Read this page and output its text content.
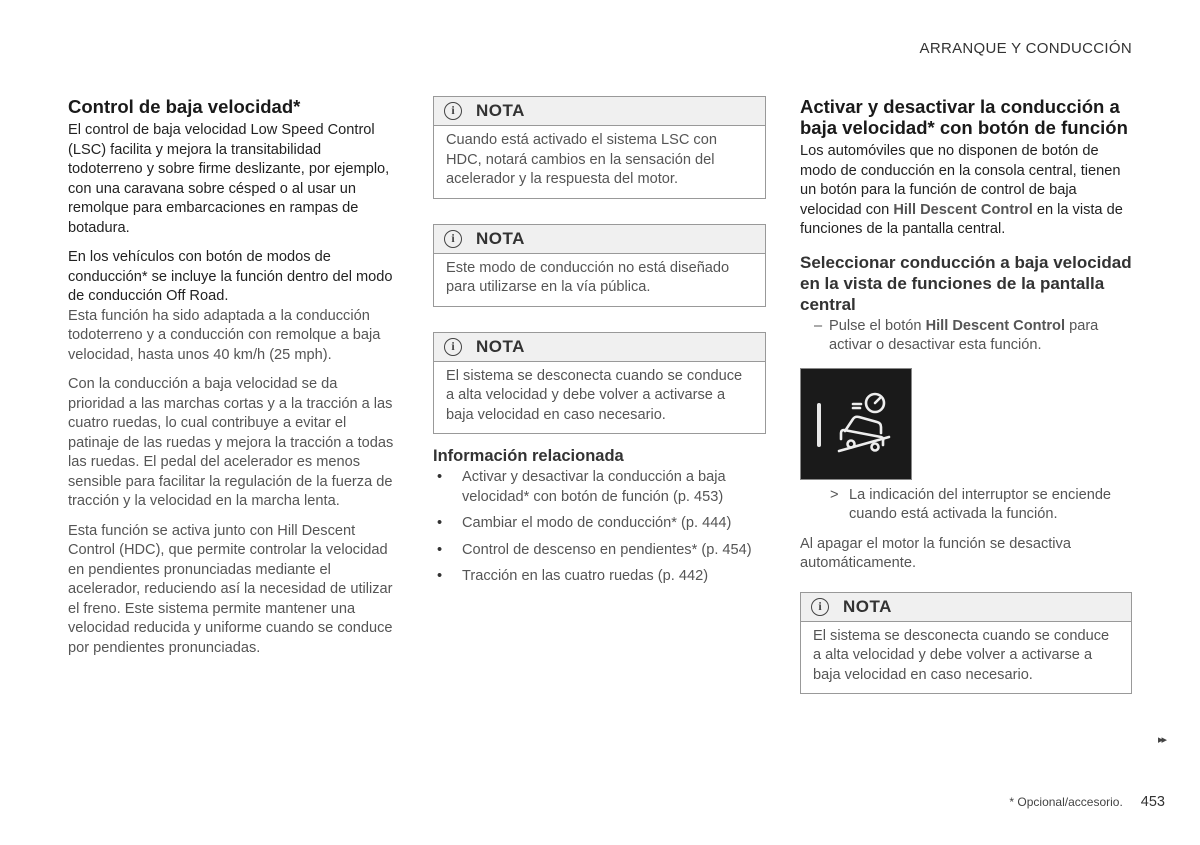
ARRANQUE Y CONDUCCIÓN
Control de baja velocidad*

El control de baja velocidad Low Speed Control (LSC) facilita y mejora la transitabilidad todoterreno y sobre firme deslizante, por ejemplo, con una caravana sobre césped o al usar un remolque para embarcaciones en rampas de botadura.

En los vehículos con botón de modos de conducción* se incluye la función dentro del modo de conducción Off Road.

Esta función ha sido adaptada a la conducción todoterreno y a conducción con remolque a baja velocidad, hasta unos 40 km/h (25 mph).

Con la conducción a baja velocidad se da prioridad a las marchas cortas y a la tracción a las cuatro ruedas, lo cual contribuye a evitar el patinaje de las ruedas y mejora la tracción a todas las ruedas. El pedal del acelerador es menos sensible para facilitar la regulación de la fuerza de tracción y la velocidad en la marcha lenta.

Esta función se activa junto con Hill Descent Control (HDC), que permite controlar la velocidad en pendientes pronunciadas mediante el acelerador, reduciendo así la necesidad de utilizar el freno. Este sistema permite mantener una velocidad reducida y uniforme cuando se conduce por pendientes pronunciadas.

i	NOTA
Cuando está activado el sistema LSC con HDC, notará cambios en la sensación del acelerador y la respuesta del motor.
i	NOTA
Este modo de conducción no está diseñado para utilizarse en la vía pública.
i	NOTA
El sistema se desconecta cuando se conduce a alta velocidad y debe volver a activarse a baja velocidad en caso necesario.
Información relacionada
• Activar y desactivar la conducción a baja velocidad* con botón de función (p. 453)
• Cambiar el modo de conducción* (p. 444)
• Control de descenso en pendientes* (p. 454)
• Tracción en las cuatro ruedas (p. 442)
Activar y desactivar la conducción a baja velocidad* con botón de función

Los automóviles que no disponen de botón de modo de conducción en la consola central, tienen un botón para la función de control de baja velocidad con Hill Descent Control en la vista de funciones de la pantalla central.

Seleccionar conducción a baja velocidad en la vista de funciones de la pantalla central
– Pulse el botón Hill Descent Control para activar o desactivar esta función.
> La indicación del interruptor se enciende cuando está activada la función.

Al apagar el motor la función se desactiva automáticamente.

i	NOTA
El sistema se desconecta cuando se conduce a alta velocidad y debe volver a activarse a baja velocidad en caso necesario.
▸▸
* Opcional/accesorio. 453
